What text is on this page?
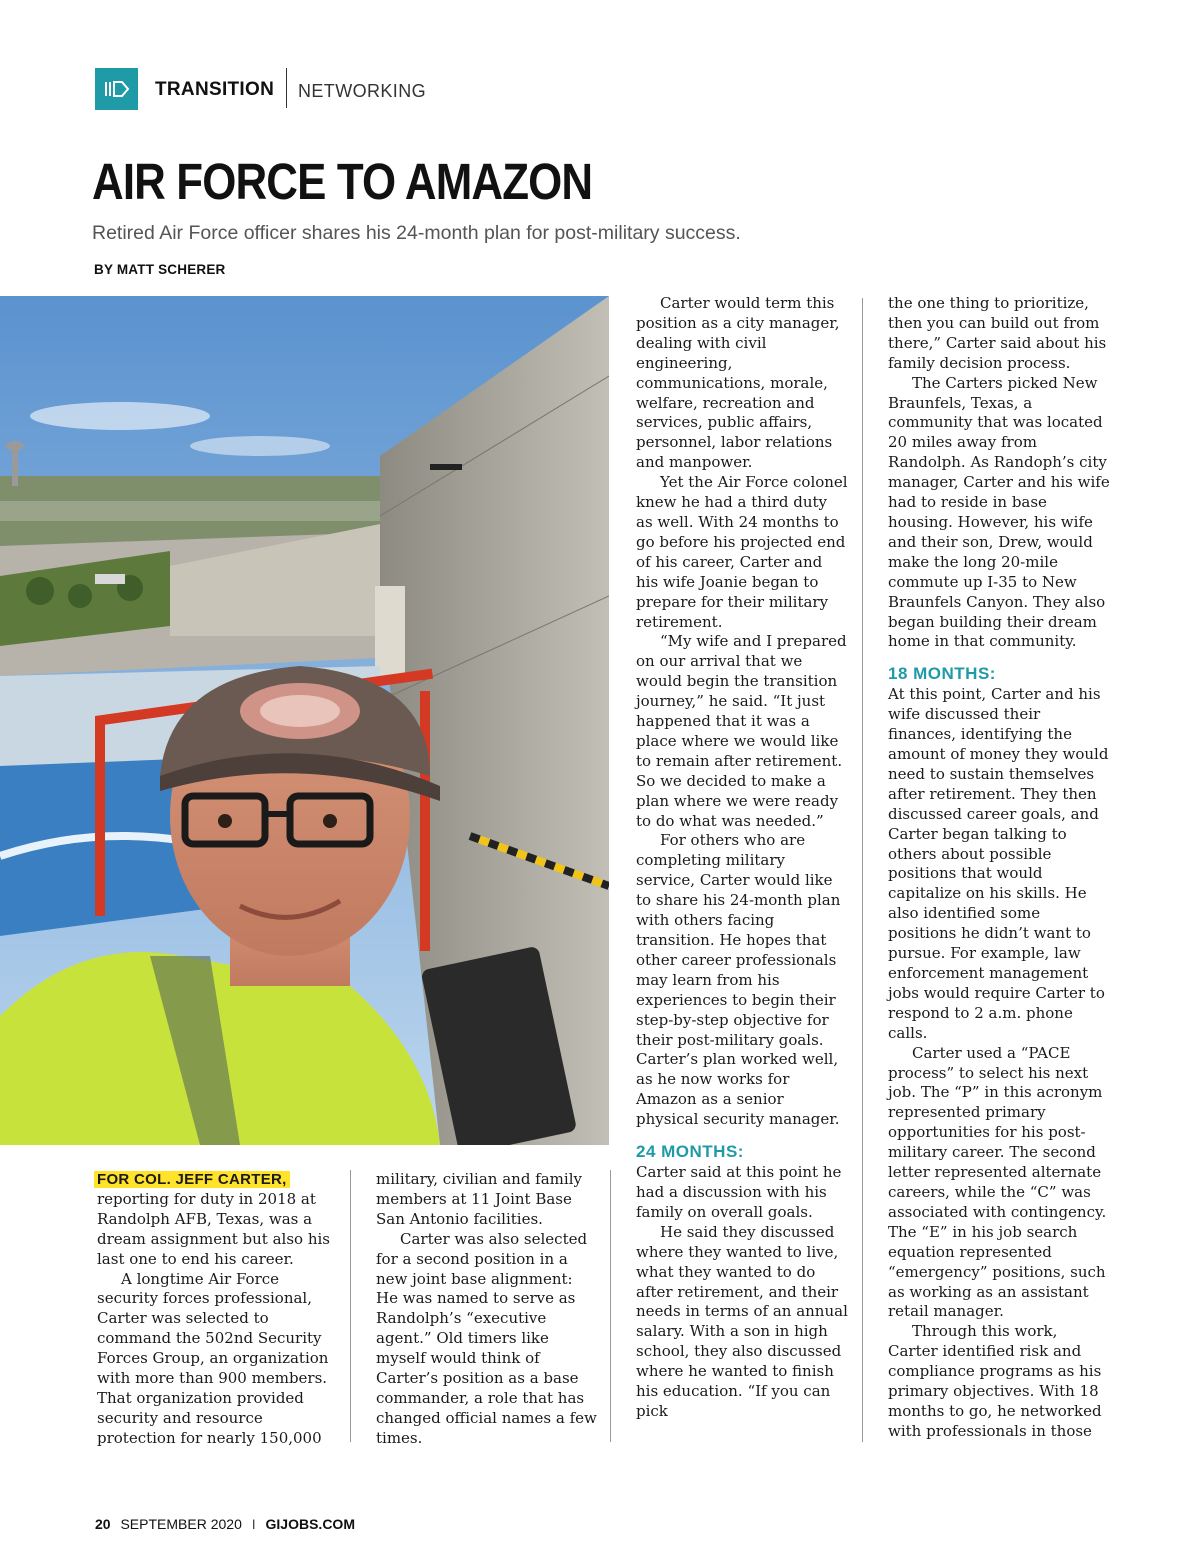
TRANSITION NETWORKING
AIR FORCE TO AMAZON
Retired Air Force officer shares his 24-month plan for post-military success.
BY MATT SCHERER

FOR COL. JEFF CARTER,

reporting for duty in 2018 at Randolph AFB, Texas, was a dream assignment but also his last one to end his career.

A longtime Air Force security forces professional, Carter was selected to command the 502nd Security Forces Group, an organization with more than 900 members. That organization provided security and resource protection for nearly 150,000

military, civilian and family members at 11 Joint Base San Antonio facilities.

Carter was also selected for a second position in a new joint base alignment: He was named to serve as Randolph’s “executive agent.” Old timers like myself would think of Carter’s position as a base commander, a role that has changed official names a few times.

Carter would term this position as a city manager, dealing with civil engineering, communications, morale, welfare, recreation and services, public affairs, personnel, labor relations and manpower.

Yet the Air Force colonel knew he had a third duty as well. With 24 months to go before his projected end of his career, Carter and his wife Joanie began to prepare for their military retirement.

“My wife and I prepared on our arrival that we would begin the transition journey,” he said. “It just happened that it was a place where we would like to remain after retirement. So we decided to make a plan where we were ready to do what was needed.”

For others who are completing military service, Carter would like to share his 24-month plan with others facing transition. He hopes that other career professionals may learn from his experiences to begin their step-by-step objective for their post-military goals. Carter’s plan worked well, as he now works for Amazon as a senior physical security manager.

24 MONTHS:

Carter said at this point he had a discussion with his family on overall goals.

He said they discussed where they wanted to live, what they wanted to do after retirement, and their needs in terms of an annual salary. With a son in high school, they also discussed where he wanted to finish his education. “If you can pick

the one thing to prioritize, then you can build out from there,” Carter said about his family decision process.

The Carters picked New Braunfels, Texas, a community that was located 20 miles away from Randolph. As Randoph’s city manager, Carter and his wife had to reside in base housing. However, his wife and their son, Drew, would make the long 20-mile commute up I-35 to New Braunfels Canyon. They also began building their dream home in that community.

18 MONTHS:

At this point, Carter and his wife discussed their finances, identifying the amount of money they would need to sustain themselves after retirement. They then discussed career goals, and Carter began talking to others about possible positions that would capitalize on his skills. He also identified some positions he didn’t want to pursue. For example, law enforcement management jobs would require Carter to respond to 2 a.m. phone calls.

Carter used a “PACE process” to select his next job. The “P” in this acronym represented primary opportunities for his post-military career. The second letter represented alternate careers, while the “C” was associated with contingency. The “E” in his job search equation represented “emergency” positions, such as working as an assistant retail manager.

Through this work, Carter identified risk and compliance programs as his primary objectives. With 18 months to go, he networked with professionals in those

20 SEPTEMBER 2020 I GIJOBS.COM
